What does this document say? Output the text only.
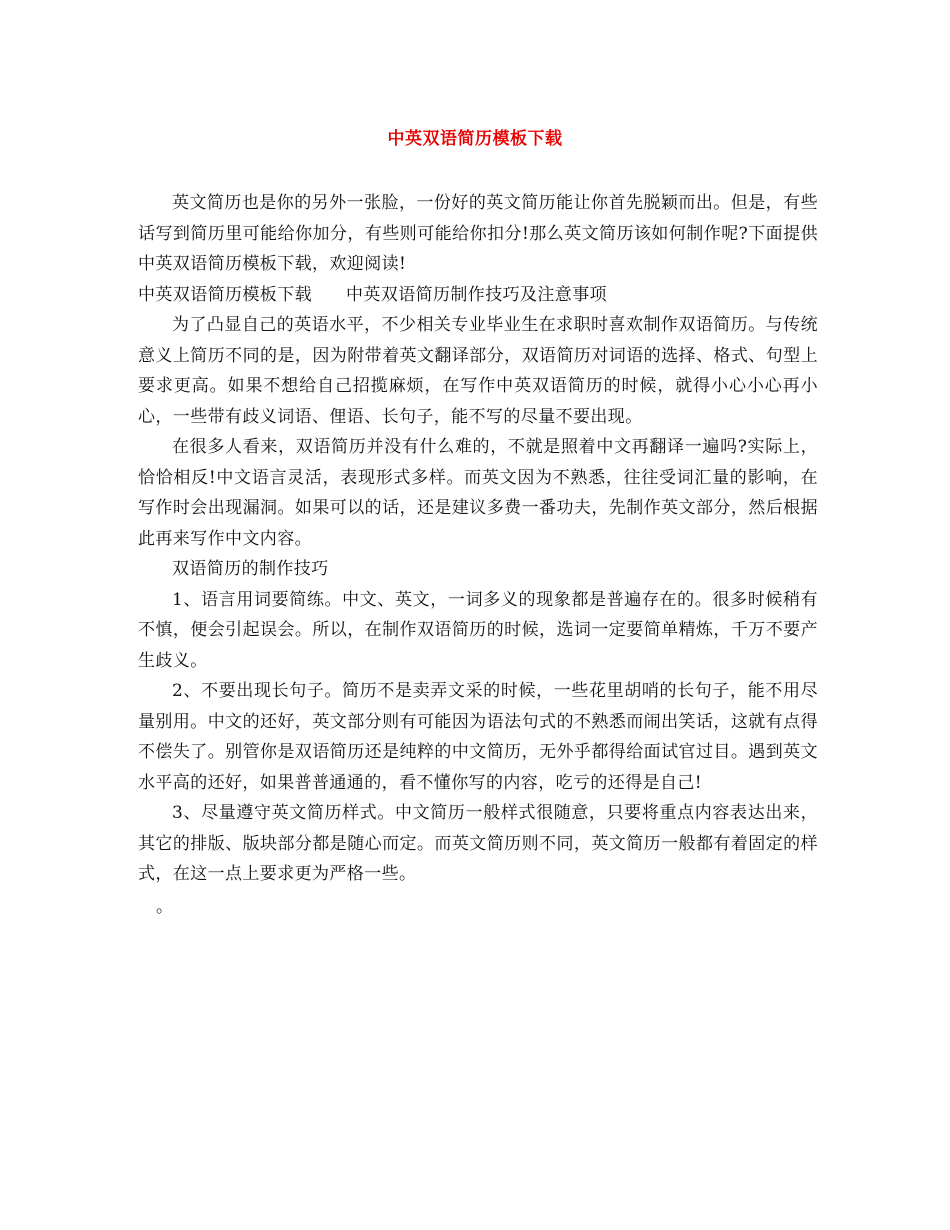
中英双语简历模板下载

英文简历也是你的另外一张脸，一份好的英文简历能让你首先脱颖而出。但是，有些话写到简历里可能给你加分，有些则可能给你扣分!那么英文简历该如何制作呢?下面提供中英双语简历模板下载，欢迎阅读!

中英双语简历模板下载 中英双语简历制作技巧及注意事项

为了凸显自己的英语水平，不少相关专业毕业生在求职时喜欢制作双语简历。与传统意义上简历不同的是，因为附带着英文翻译部分，双语简历对词语的选择、格式、句型上要求更高。如果不想给自己招揽麻烦，在写作中英双语简历的时候，就得小心小心再小心，一些带有歧义词语、俚语、长句子，能不写的尽量不要出现。

在很多人看来，双语简历并没有什么难的，不就是照着中文再翻译一遍吗?实际上，恰恰相反!中文语言灵活，表现形式多样。而英文因为不熟悉，往往受词汇量的影响，在写作时会出现漏洞。如果可以的话，还是建议多费一番功夫，先制作英文部分，然后根据此再来写作中文内容。

双语简历的制作技巧

1、语言用词要简练。中文、英文，一词多义的现象都是普遍存在的。很多时候稍有不慎，便会引起误会。所以，在制作双语简历的时候，选词一定要简单精炼，千万不要产生歧义。

2、不要出现长句子。简历不是卖弄文采的时候，一些花里胡哨的长句子，能不用尽量别用。中文的还好，英文部分则有可能因为语法句式的不熟悉而闹出笑话，这就有点得不偿失了。别管你是双语简历还是纯粹的中文简历，无外乎都得给面试官过目。遇到英文水平高的还好，如果普普通通的，看不懂你写的内容，吃亏的还得是自己!

3、尽量遵守英文简历样式。中文简历一般样式很随意，只要将重点内容表达出来，其它的排版、版块部分都是随心而定。而英文简历则不同，英文简历一般都有着固定的样式，在这一点上要求更为严格一些。

。
